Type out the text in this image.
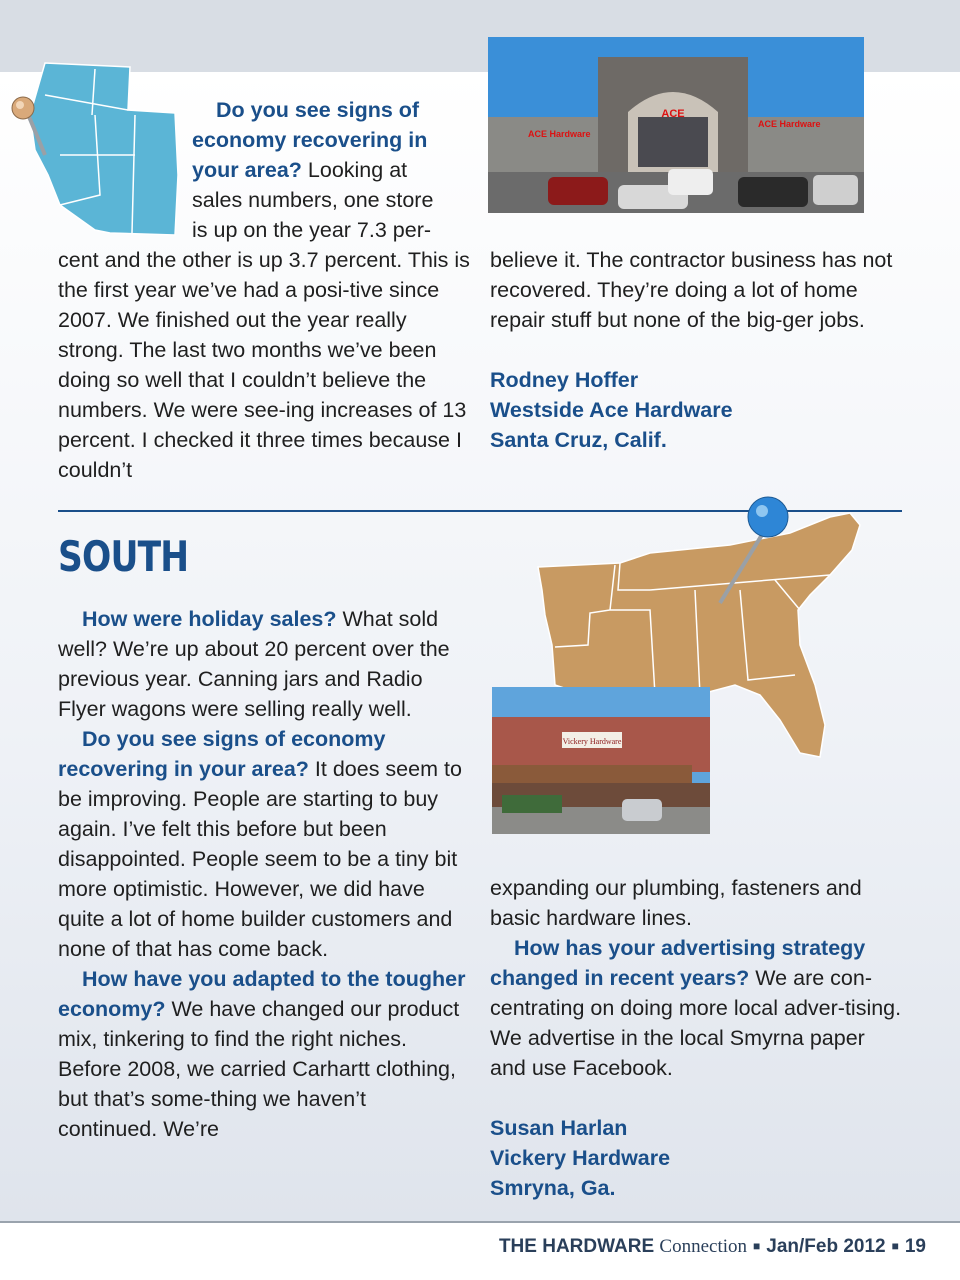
ACE
ACE Hardware
ACE Hardware

Do you see signs of economy recovering in your area? Looking at sales numbers, one store is up on the year 7.3 per-

cent and the other is up 3.7 percent. This is the first year we’ve had a posi-tive since 2007. We finished out the year really strong. The last two months we’ve been doing so well that I couldn’t believe the numbers. We were see-ing increases of 13 percent. I checked it three times because I couldn’t

believe it. The contractor business has not recovered. They’re doing a lot of home repair stuff but none of the big-ger jobs.

Rodney Hoffer

Westside Ace Hardware

Santa Cruz, Calif.

SOUTH
Vickery Hardware

How were holiday sales? What sold well? We’re up about 20 percent over the previous year. Canning jars and Radio Flyer wagons were selling really well.

Do you see signs of economy recovering in your area? It does seem to be improving. People are starting to buy again. I’ve felt this before but been disappointed. People seem to be a tiny bit more optimistic. However, we did have quite a lot of home builder customers and none of that has come back.

How have you adapted to the tougher economy? We have changed our product mix, tinkering to find the right niches. Before 2008, we carried Carhartt clothing, but that’s some-thing we haven’t continued. We’re

expanding our plumbing, fasteners and basic hardware lines.

How has your advertising strategy changed in recent years? We are con-centrating on doing more local adver-tising. We advertise in the local Smyrna paper and use Facebook.

Susan Harlan

Vickery Hardware

Smryna, Ga.

THE HARDWARE Connection ■ Jan/Feb 2012 ■ 19
